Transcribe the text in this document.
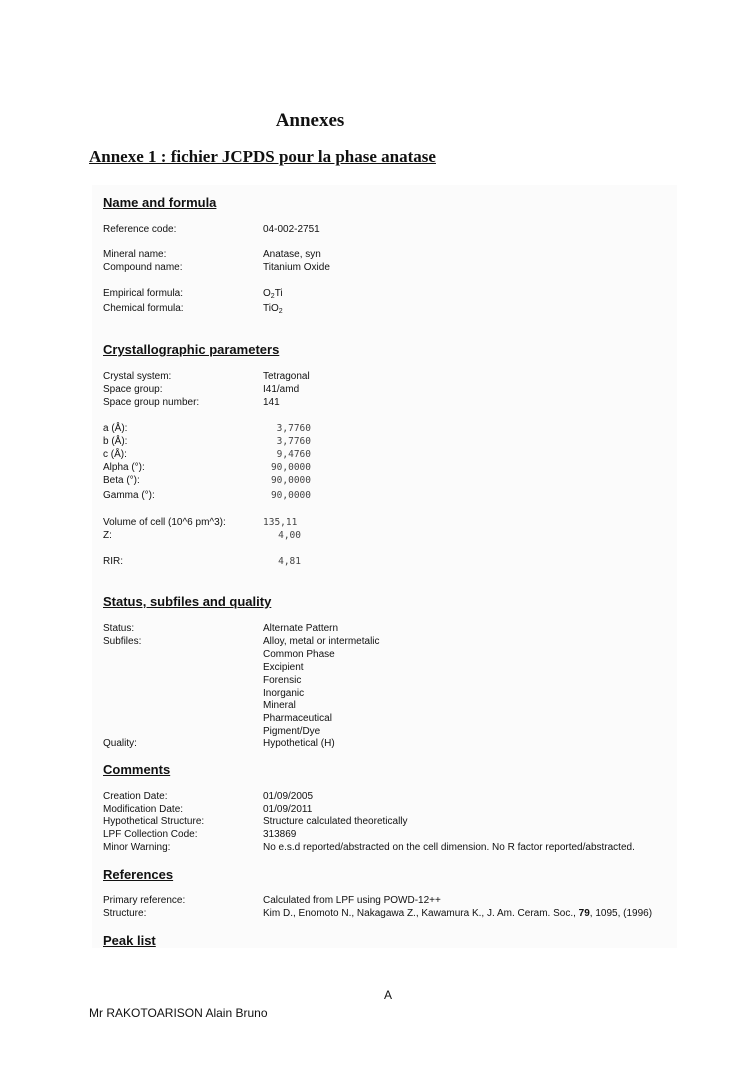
Annexes
Annexe 1 : fichier JCPDS pour la phase anatase
Name and formula
Reference code:	04-002-2751
Mineral name:	Anatase, syn
Compound name:	Titanium Oxide
Empirical formula:	$O_2Ti$
Chemical formula:	TiO$_2$
Crystallographic parameters
Crystal system:	Tetragonal
Space group:	I41/amd
Space group number:	141
a (Å):	3,7760
b (Å):	3,7760
c (Å):	9,4760
Alpha (°):	90,0000
Beta (°):	90,0000
Gamma (°):	90,0000
Volume of cell (10^6 pm^3):	135,11
Z:	4,00
RIR:	4,81
Status, subfiles and quality
Status:	Alternate Pattern
Subfiles:	Alloy, metal or intermetalic
Common Phase
Excipient
Forensic
Inorganic
Mineral
Pharmaceutical
Pigment/Dye
Quality:	Hypothetical (H)
Comments
Creation Date:	01/09/2005
Modification Date:	01/09/2011
Hypothetical Structure:	Structure calculated theoretically
LPF Collection Code:	313869
Minor Warning:	No e.s.d reported/abstracted on the cell dimension. No R factor reported/abstracted.
References
Primary reference:	Calculated from LPF using POWD-12++
Structure:	Kim D., Enomoto N., Nakagawa Z., Kawamura K., J. Am. Ceram. Soc., 79, 1095, (1996)
Peak list
A
Mr RAKOTOARISON Alain Bruno
